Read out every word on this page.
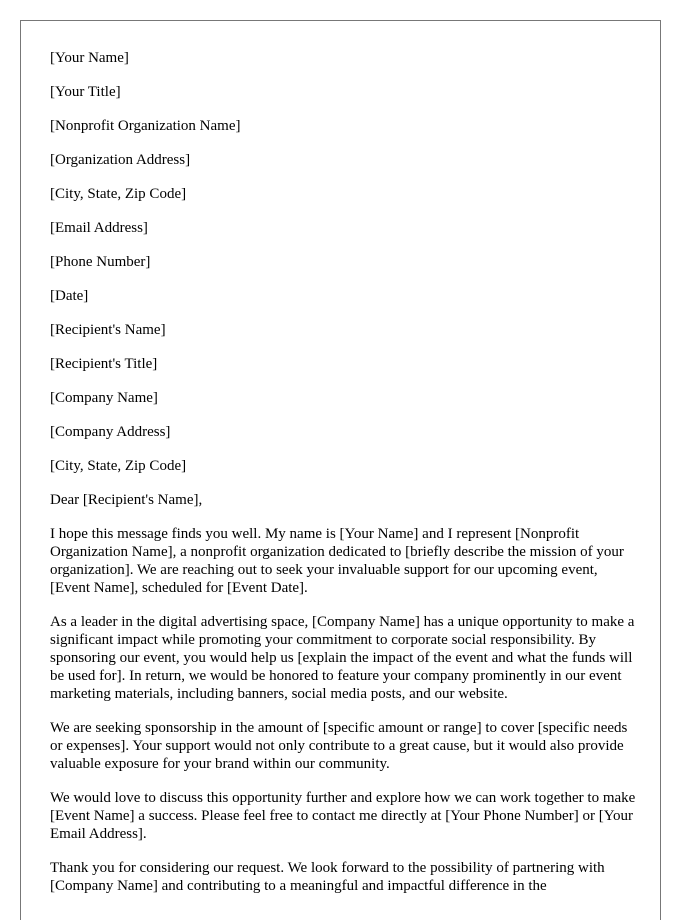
[Your Name]
[Your Title]
[Nonprofit Organization Name]
[Organization Address]
[City, State, Zip Code]
[Email Address]
[Phone Number]
[Date]
[Recipient's Name]
[Recipient's Title]
[Company Name]
[Company Address]
[City, State, Zip Code]
Dear [Recipient's Name],

I hope this message finds you well. My name is [Your Name] and I represent [Nonprofit Organization Name], a nonprofit organization dedicated to [briefly describe the mission of your organization]. We are reaching out to seek your invaluable support for our upcoming event, [Event Name], scheduled for [Event Date].

As a leader in the digital advertising space, [Company Name] has a unique opportunity to make a significant impact while promoting your commitment to corporate social responsibility. By sponsoring our event, you would help us [explain the impact of the event and what the funds will be used for]. In return, we would be honored to feature your company prominently in our event marketing materials, including banners, social media posts, and our website.

We are seeking sponsorship in the amount of [specific amount or range] to cover [specific needs or expenses]. Your support would not only contribute to a great cause, but it would also provide valuable exposure for your brand within our community.

We would love to discuss this opportunity further and explore how we can work together to make [Event Name] a success. Please feel free to contact me directly at [Your Phone Number] or [Your Email Address].

Thank you for considering our request. We look forward to the possibility of partnering with [Company Name] and contributing to a meaningful and impactful difference in the
